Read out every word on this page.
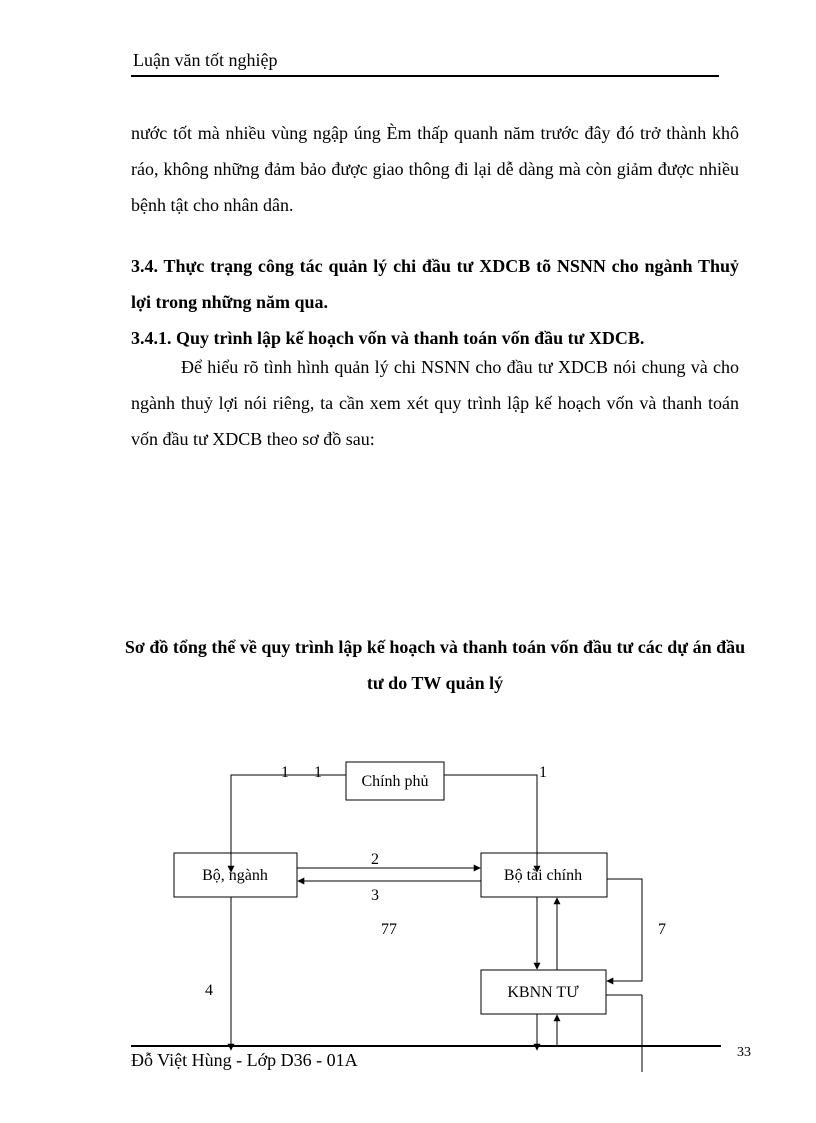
Luận văn tốt nghiệp

nước tốt mà nhiều vùng ngập úng Èm thấp quanh năm trước đây đó trở thành khô ráo, không những đảm bảo được giao thông đi lại dễ dàng mà còn giảm được nhiều bệnh tật cho nhân dân.

3.4. Thực trạng công tác quản lý chi đầu tư XDCB tõ NSNN cho ngành Thuỷ lợi trong những năm qua.

3.4.1. Quy trình lập kế hoạch vốn và thanh toán vốn đầu tư XDCB.

Để hiểu rõ tình hình quản lý chi NSNN cho đầu tư XDCB nói chung và cho ngành thuỷ lợi nói riêng, ta cần xem xét quy trình lập kế hoạch vốn và thanh toán vốn đầu tư XDCB theo sơ đồ sau:

Sơ đồ tổng thể về quy trình lập kế hoạch và thanh toán vốn đầu tư các dự án đầu tư do TW quản lý

Chính phủ
Bộ, ngành	Bộ tài chính
KBNN TƯ
1 1	1
2
3
77	7
4
Đỗ Việt Hùng - Lớp D36 - 01A	33
